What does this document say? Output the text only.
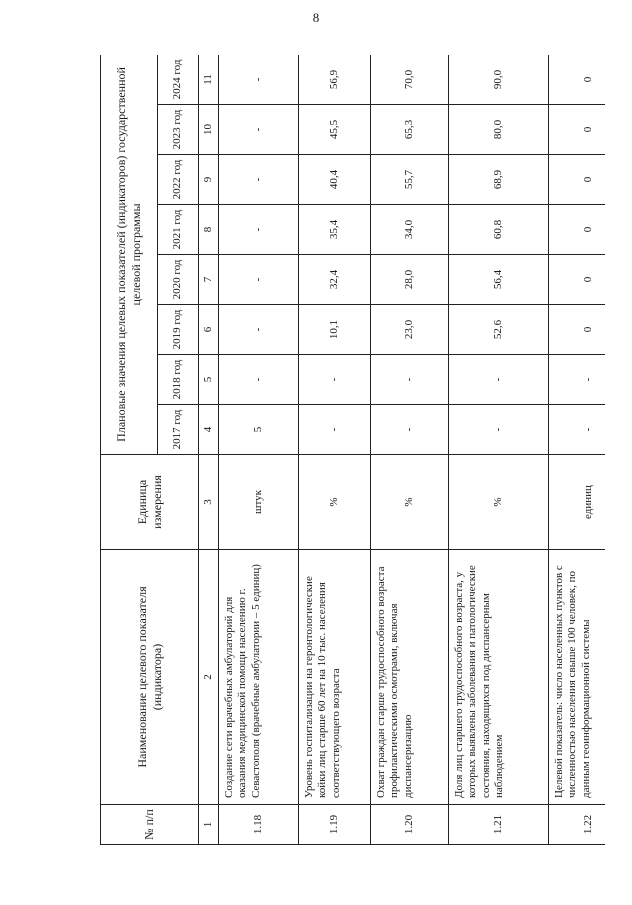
8
№ п/п	Наименование целевого показателя (индикатора)	Единица измерения	Плановые значения целевых показателей (индикаторов) государственной целевой программы							
			2017 год	2018 год	2019 год	2020 год	2021 год	2022 год	2023 год	2024 год
1	2	3	4	5	6	7	8	9	10	11
1.18	Создание сети врачебных амбулаторий для оказания медицинской помощи населению г. Севастополя (врачебные амбулатории – 5 единиц)	штук	5	-	-	-	-	-	-	-
1.19	Уровень госпитализации на геронтологические койки лиц старше 60 лет на 10 тыс. населения соответствующего возраста	%	-	-	10,1	32,4	35,4	40,4	45,5	56,9
1.20	Охват граждан старше трудоспособного возраста профилактическими осмотрами, включая диспансеризацию	%	-	-	23,0	28,0	34,0	55,7	65,3	70,0
1.21	Доля лиц старшего трудоспособного возраста, у которых выявлены заболевания и патологические состояния, находящихся под диспансерным наблюдением	%	-	-	52,6	56,4	60,8	68,9	80,0	90,0
1.22	Целевой показатель: число населенных пунктов с численностью населения свыше 100 человек, по данным геоинформационной системы	единиц	-	-	0	0	0	0	0	0
